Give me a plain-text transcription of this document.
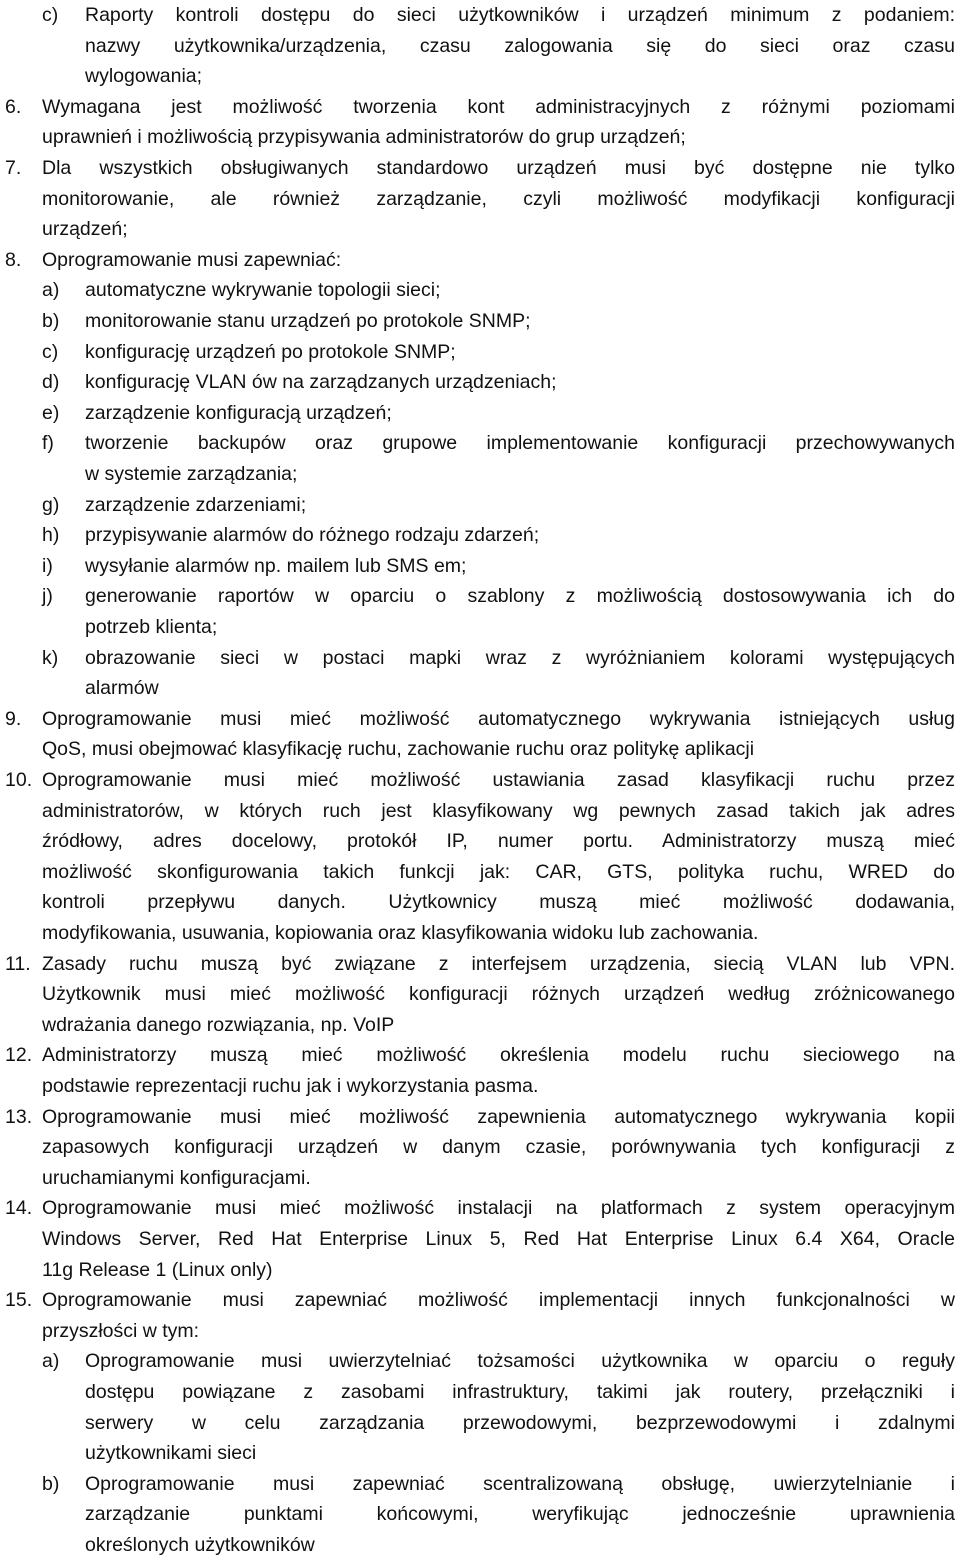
c) Raporty kontroli dostępu do sieci użytkowników i urządzeń minimum z podaniem:
nazwy użytkownika/urządzenia, czasu zalogowania się do sieci oraz czasu
wylogowania;
6. Wymagana jest możliwość tworzenia kont administracyjnych z różnymi poziomami
uprawnień i możliwością przypisywania administratorów do grup urządzeń;
7. Dla wszystkich obsługiwanych standardowo urządzeń musi być dostępne nie tylko
monitorowanie, ale również zarządzanie, czyli możliwość modyfikacji konfiguracji
urządzeń;
8. Oprogramowanie musi zapewniać:
a) automatyczne wykrywanie topologii sieci;
b) monitorowanie stanu urządzeń po protokole SNMP;
c) konfigurację urządzeń po protokole SNMP;
d) konfigurację VLAN ów na zarządzanych urządzeniach;
e) zarządzenie konfiguracją urządzeń;
f) tworzenie backupów oraz grupowe implementowanie konfiguracji przechowywanych
w systemie zarządzania;
g) zarządzenie zdarzeniami;
h) przypisywanie alarmów do różnego rodzaju zdarzeń;
i) wysyłanie alarmów np. mailem lub SMS em;
j) generowanie raportów w oparciu o szablony z możliwością dostosowywania ich do
potrzeb klienta;
k) obrazowanie sieci w postaci mapki wraz z wyróżnianiem kolorami występujących
alarmów
9. Oprogramowanie musi mieć możliwość automatycznego wykrywania istniejących usług
QoS, musi obejmować klasyfikację ruchu, zachowanie ruchu oraz politykę aplikacji
10. Oprogramowanie musi mieć możliwość ustawiania zasad klasyfikacji ruchu przez
administratorów, w których ruch jest klasyfikowany wg pewnych zasad takich jak adres
źródłowy, adres docelowy, protokół IP, numer portu. Administratorzy muszą mieć
możliwość skonfigurowania takich funkcji jak: CAR, GTS, polityka ruchu, WRED do
kontroli przepływu danych. Użytkownicy muszą mieć możliwość dodawania,
modyfikowania, usuwania, kopiowania oraz klasyfikowania widoku lub zachowania.
11. Zasady ruchu muszą być związane z interfejsem urządzenia, siecią VLAN lub VPN.
Użytkownik musi mieć możliwość konfiguracji różnych urządzeń według zróżnicowanego
wdrażania danego rozwiązania, np. VoIP
12. Administratorzy muszą mieć możliwość określenia modelu ruchu sieciowego na
podstawie reprezentacji ruchu jak i wykorzystania pasma.
13. Oprogramowanie musi mieć możliwość zapewnienia automatycznego wykrywania kopii
zapasowych konfiguracji urządzeń w danym czasie, porównywania tych konfiguracji z
uruchamianymi konfiguracjami.
14. Oprogramowanie musi mieć możliwość instalacji na platformach z system operacyjnym
Windows Server, Red Hat Enterprise Linux 5, Red Hat Enterprise Linux 6.4 X64, Oracle
11g Release 1 (Linux only)
15. Oprogramowanie musi zapewniać możliwość implementacji innych funkcjonalności w
przyszłości w tym:
a) Oprogramowanie musi uwierzytelniać tożsamości użytkownika w oparciu o reguły
dostępu powiązane z zasobami infrastruktury, takimi jak routery, przełączniki i
serwery w celu zarządzania przewodowymi, bezprzewodowymi i zdalnymi
użytkownikami sieci
b) Oprogramowanie musi zapewniać scentralizowaną obsługę, uwierzytelnianie i
zarządzanie punktami końcowymi, weryfikując jednocześnie uprawnienia
określonych użytkowników
